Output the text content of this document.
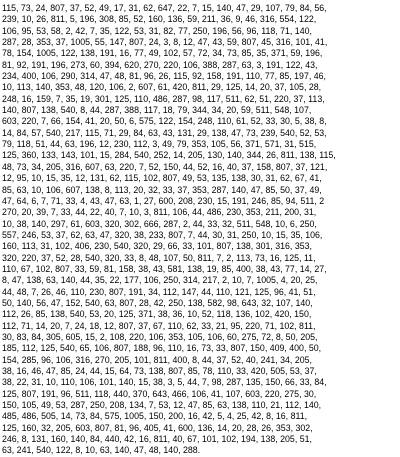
115, 73, 24, 807, 37, 52, 49, 17, 31, 62, 647, 22, 7, 15, 140, 47, 29, 107, 79, 84, 56,
239, 10, 26, 811, 5, 196, 308, 85, 52, 160, 136, 59, 211, 36, 9, 46, 316, 554, 122,
106, 95, 53, 58, 2, 42, 7, 35, 122, 53, 31, 82, 77, 250, 196, 56, 96, 118, 71, 140,
287, 28, 353, 37, 1005, 55, 147, 807, 24, 3, 8, 12, 47, 43, 59, 807, 45, 316, 101, 41,
78, 154, 1005, 122, 138, 191, 16, 77, 49, 102, 57, 72, 34, 73, 85, 35, 371, 59, 196,
81, 92, 191, 196, 273, 60, 394, 620, 270, 220, 106, 388, 287, 63, 3, 191, 122, 43,
234, 400, 106, 290, 314, 47, 48, 81, 96, 26, 115, 92, 158, 191, 110, 77, 85, 197, 46,
10, 113, 140, 353, 48, 120, 106, 2, 607, 61, 420, 811, 29, 125, 14, 20, 37, 105, 28,
248, 16, 159, 7, 35, 19, 301, 125, 110, 486, 287, 98, 117, 511, 62, 51, 220, 37, 113,
140, 807, 138, 540, 8, 44, 287, 388, 117, 18, 79, 344, 34, 20, 59, 511, 548, 107,
603, 220, 7, 66, 154, 41, 20, 50, 6, 575, 122, 154, 248, 110, 61, 52, 33, 30, 5, 38, 8,
14, 84, 57, 540, 217, 115, 71, 29, 84, 63, 43, 131, 29, 138, 47, 73, 239, 540, 52, 53,
79, 118, 51, 44, 63, 196, 12, 230, 112, 3, 49, 79, 353, 105, 56, 371, 571, 31, 515,
125, 360, 133, 143, 101, 15, 284, 540, 252, 14, 205, 130, 140, 344, 26, 811, 138, 115,
48, 73, 34, 205, 316, 607, 63, 220, 7, 52, 150, 44, 52, 16, 40, 37, 158, 807, 37, 121,
12, 95, 10, 15, 35, 12, 131, 62, 115, 102, 807, 49, 53, 135, 138, 30, 31, 62, 67, 41,
85, 63, 10, 106, 607, 138, 8, 113, 20, 32, 33, 37, 353, 287, 140, 47, 85, 50, 37, 49,
47, 64, 6, 7, 71, 33, 4, 43, 47, 63, 1, 27, 600, 208, 230, 15, 191, 246, 85, 94, 511, 2
270, 20, 39, 7, 33, 44, 22, 40, 7, 10, 3, 811, 106, 44, 486, 230, 353, 211, 200, 31,
10, 38, 140, 297, 61, 603, 320, 302, 666, 287, 2, 44, 33, 32, 511, 548, 10, 6, 250,
557, 246, 53, 37, 62, 63, 47, 320, 38, 233, 807, 7, 44, 30, 31, 250, 10, 15, 35, 106,
160, 113, 31, 102, 406, 230, 540, 320, 29, 66, 33, 101, 807, 138, 301, 316, 353,
320, 220, 37, 52, 28, 540, 320, 33, 8, 48, 107, 50, 811, 7, 2, 113, 73, 16, 125, 11,
110, 67, 102, 807, 33, 59, 81, 158, 38, 43, 581, 138, 19, 85, 400, 38, 43, 77, 14, 27,
8, 47, 138, 63, 140, 44, 35, 22, 177, 106, 250, 314, 217, 2, 10, 7, 1005, 4, 20, 25,
44, 48, 7, 26, 46, 110, 230, 807, 191, 34, 112, 147, 44, 110, 121, 125, 96, 41, 51,
50, 140, 56, 47, 152, 540, 63, 807, 28, 42, 250, 138, 582, 98, 643, 32, 107, 140,
112, 26, 85, 138, 540, 53, 20, 125, 371, 38, 36, 10, 52, 118, 136, 102, 420, 150,
112, 71, 14, 20, 7, 24, 18, 12, 807, 37, 67, 110, 62, 33, 21, 95, 220, 71, 102, 811,
30, 83, 84, 305, 605, 15, 2, 108, 220, 106, 353, 105, 106, 60, 275, 72, 8, 50, 205,
185, 112, 125, 540, 65, 106, 807, 188, 96, 110, 16, 73, 33, 807, 150, 409, 400, 50,
154, 285, 96, 106, 316, 270, 205, 101, 811, 400, 8, 44, 37, 52, 40, 241, 34, 205,
38, 16, 46, 47, 85, 24, 44, 15, 64, 73, 138, 807, 85, 78, 110, 33, 420, 505, 53, 37,
38, 22, 31, 10, 110, 106, 101, 140, 15, 38, 3, 5, 44, 7, 98, 287, 135, 150, 66, 33, 84,
125, 807, 191, 96, 511, 118, 440, 370, 643, 466, 106, 41, 107, 603, 220, 275, 30,
150, 105, 49, 53, 287, 250, 208, 134, 7, 53, 12, 47, 85, 63, 138, 110, 21, 112, 140,
485, 486, 505, 14, 73, 84, 575, 1005, 150, 200, 16, 42, 5, 4, 25, 42, 8, 16, 811,
125, 160, 32, 205, 603, 807, 81, 96, 405, 41, 600, 136, 14, 20, 28, 26, 353, 302,
246, 8, 131, 160, 140, 84, 440, 42, 16, 811, 40, 67, 101, 102, 194, 138, 205, 51,
63, 241, 540, 122, 8, 10, 63, 140, 47, 48, 140, 288.
